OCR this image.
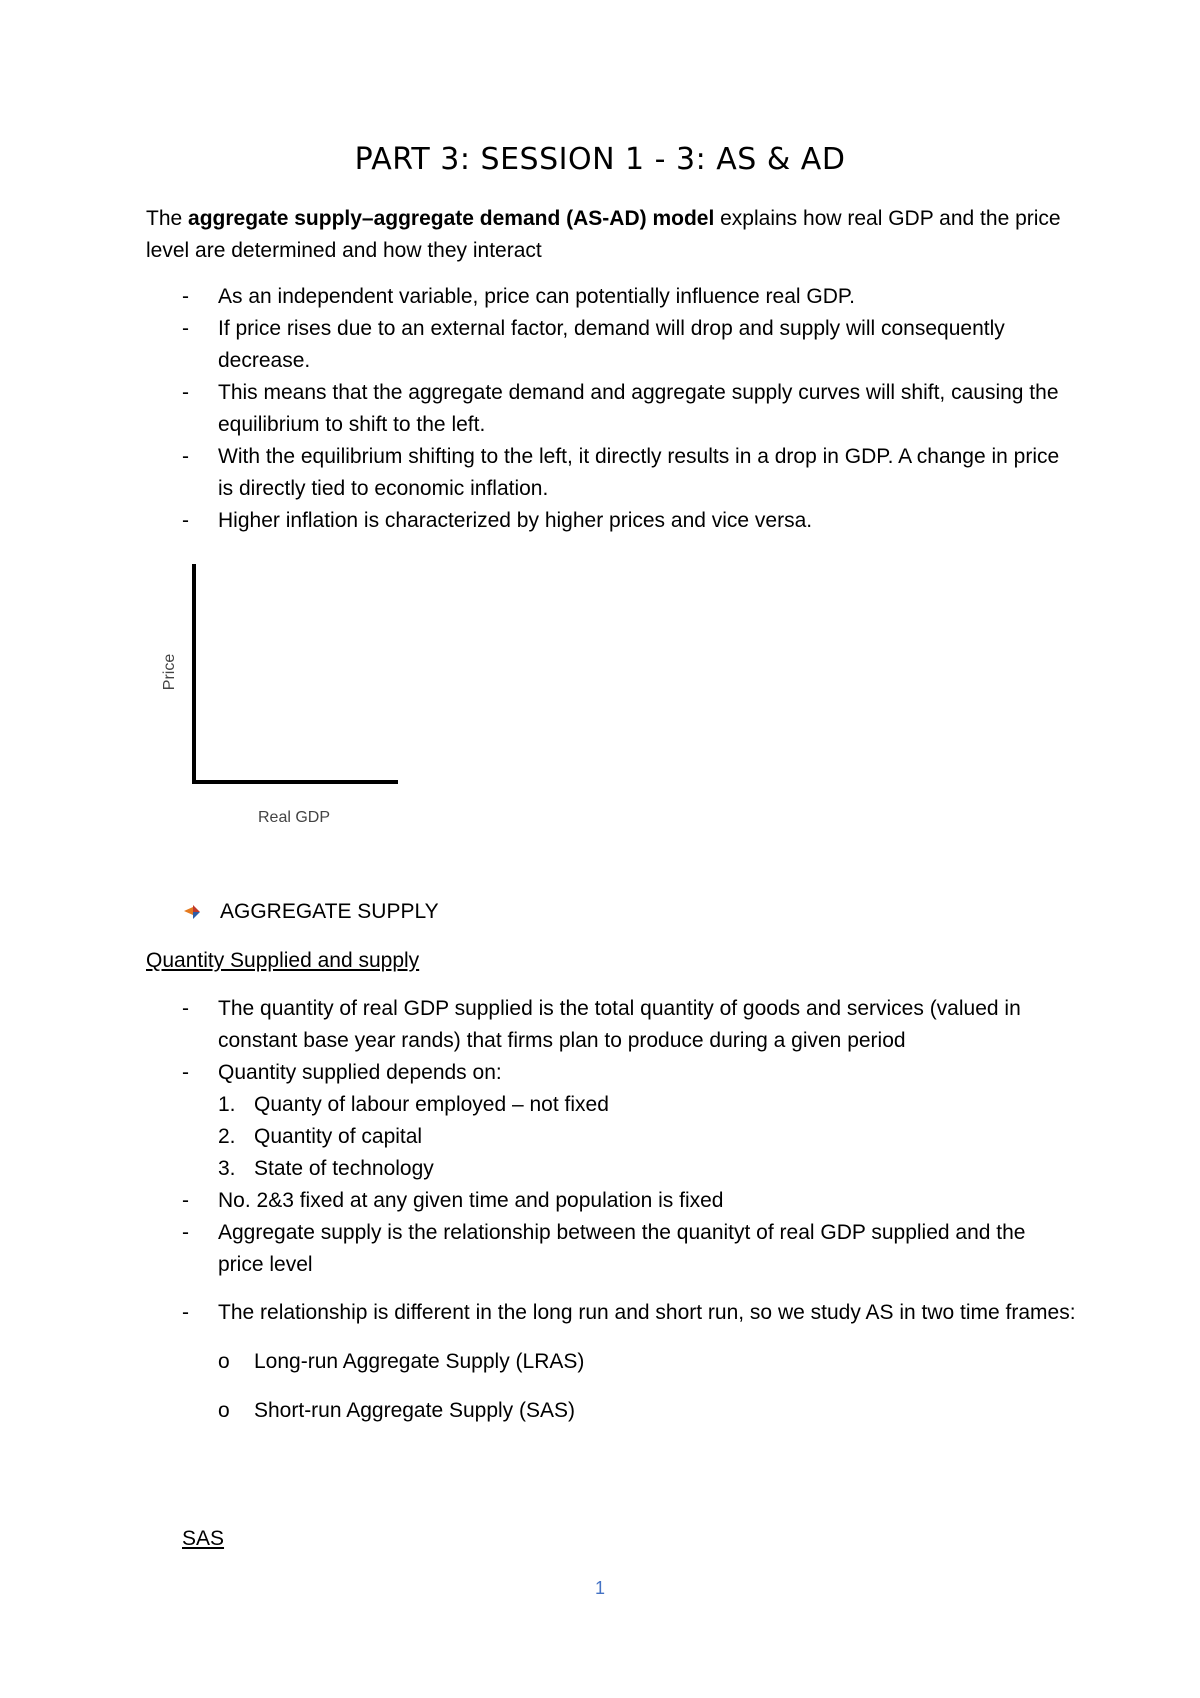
PART 3: SESSION 1 - 3: AS & AD
The aggregate supply–aggregate demand (AS-AD) model explains how real GDP and the price level are determined and how they interact
- As an independent variable, price can potentially influence real GDP.
- If price rises due to an external factor, demand will drop and supply will consequently decrease.
- This means that the aggregate demand and aggregate supply curves will shift, causing the equilibrium to shift to the left.
- With the equilibrium shifting to the left, it directly results in a drop in GDP. A change in price is directly tied to economic inflation.
- Higher inflation is characterized by higher prices and vice versa.
Price
Real GDP
AGGREGATE SUPPLY
Quantity Supplied and supply
- The quantity of real GDP supplied is the total quantity of goods and services (valued in constant base year rands) that firms plan to produce during a given period
- Quantity supplied depends on:
1. Quanty of labour employed – not fixed
2. Quantity of capital
3. State of technology
- No. 2&3 fixed at any given time and population is fixed
- Aggregate supply is the relationship between the quanityt of real GDP supplied and the price level
- The relationship is different in the long run and short run, so we study AS in two time frames:
o Long-run Aggregate Supply (LRAS)
o Short-run Aggregate Supply (SAS)
SAS
1
